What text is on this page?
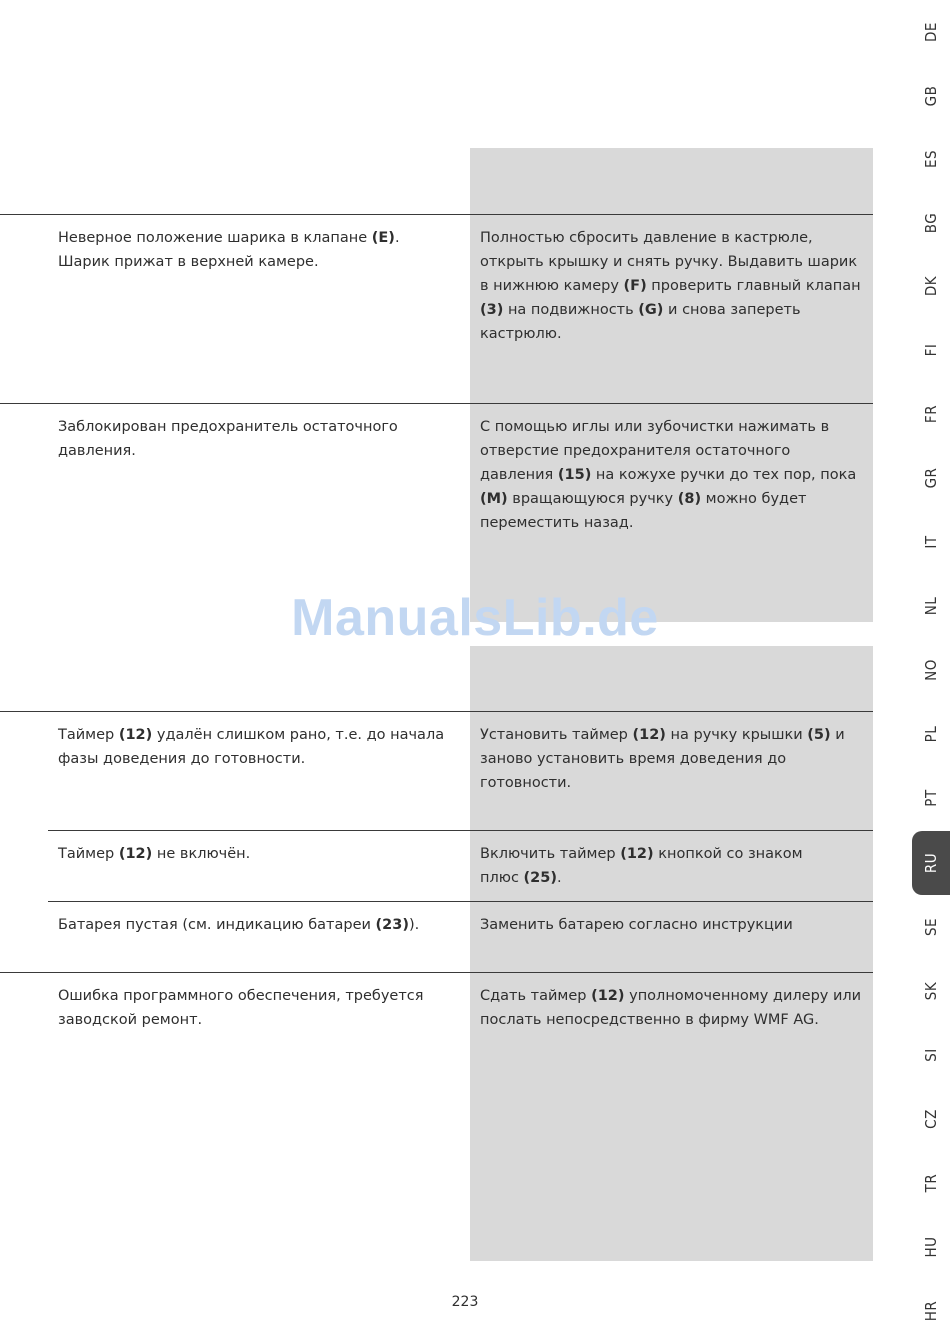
Неверное положение шарика в клапане (E). Шарик прижат в верхней камере.

Полностью сбросить давление в кастрюле, открыть крышку и снять ручку. Выдавить шарик в нижнюю камеру (F) проверить главный клапан (3) на подвижность (G) и снова запереть кастрюлю.

Заблокирован предохранитель остаточного давления.

С помощью иглы или зубочистки нажимать в отверстие предохранителя остаточного давления (15) на кожухе ручки до тех пор, пока (M) вращающуюся ручку (8) можно будет переместить назад.

Таймер (12) удалён слишком рано, т.е. до начала фазы доведения до готовности.

Установить таймер (12) на ручку крышки (5) и заново установить время доведения до готовности.

Таймер (12) не включён.	Включить таймер (12) кнопкой со знаком плюс (25).

Батарея пустая (см. индикацию батареи (23)).	Заменить батарею согласно инструкции

Ошибка программного обеспечения, требуется заводской ремонт.

Сдать таймер (12) уполномоченному дилеру или послать непосредственно в фирму WMF AG.

ManualsLib.de
223
DE
GB
ES
BG
DK
FI
FR
GR
IT
NL
NO
PL
PT
RU
SE
SK
SI
CZ
TR
HU
HR
